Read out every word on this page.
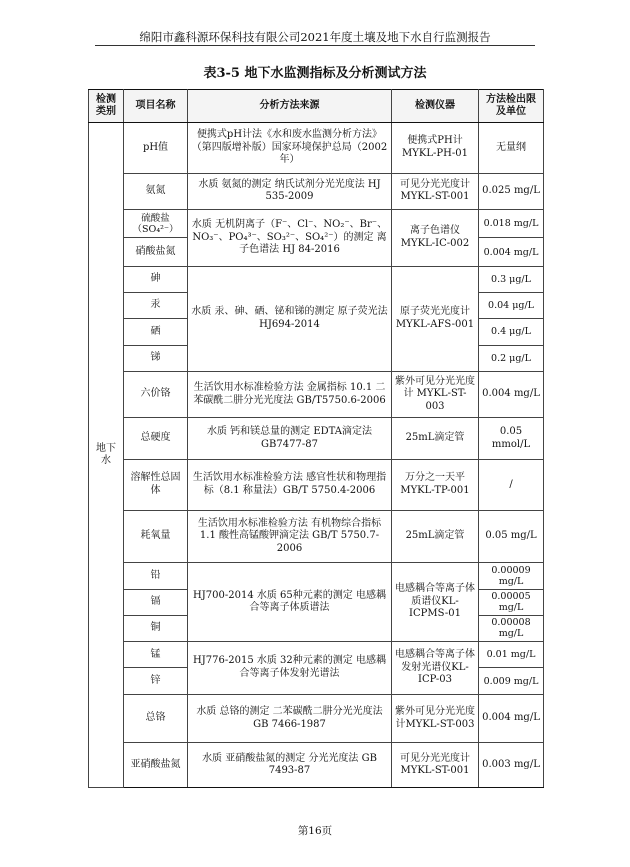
绵阳市鑫科源环保科技有限公司2021年度土壤及地下水自行监测报告
表3-5 地下水监测指标及分析测试方法
检测类别	项目名称	分析方法来源	检测仪器	方法检出限及单位
地下水	pH值	便携式pH计法《水和废水监测分析方法》（第四版增补版）国家环境保护总局（2002年）	便携式PH计MYKL-PH-01	无量纲
	氨氮	水质 氨氮的测定 纳氏试剂分光光度法 HJ 535-2009	可见分光光度计MYKL-ST-001	0.025 mg/L
	硫酸盐（SO₄²⁻）	水质 无机阴离子（F⁻、Cl⁻、NO₂⁻、Br⁻、NO₃⁻、PO₄³⁻、SO₃²⁻、SO₄²⁻）的测定 离子色谱法 HJ 84-2016	离子色谱仪MYKL-IC-002	0.018 mg/L
	硝酸盐氮			0.004 mg/L
	砷	水质 汞、砷、硒、铋和锑的测定 原子荧光法 HJ694-2014	原子荧光光度计MYKL-AFS-001	0.3 μg/L
	汞			0.04 μg/L
	硒			0.4 μg/L
	锑			0.2 μg/L
	六价铬	生活饮用水标准检验方法 金属指标 10.1 二苯碳酰二肼分光光度法 GB/T5750.6-2006	紫外可见分光光度计 MYKL-ST-003	0.004 mg/L
	总硬度	水质 钙和镁总量的测定 EDTA滴定法 GB7477-87	25mL滴定管	0.05 mmol/L
	溶解性总固体	生活饮用水标准检验方法 感官性状和物理指标（8.1 称量法）GB/T 5750.4-2006	万分之一天平MYKL-TP-001	/
	耗氧量	生活饮用水标准检验方法 有机物综合指标 1.1 酸性高锰酸钾滴定法 GB/T 5750.7-2006	25mL滴定管	0.05 mg/L
	铅	HJ700-2014 水质 65种元素的测定 电感耦合等离子体质谱法	电感耦合等离子体质谱仪KL-ICPMS-01	0.00009 mg/L
	镉			0.00005 mg/L
	铜			0.00008 mg/L
	锰	HJ776-2015 水质 32种元素的测定 电感耦合等离子体发射光谱法	电感耦合等离子体发射光谱仪KL-ICP-03	0.01 mg/L
	锌			0.009 mg/L
	总铬	水质 总铬的测定 二苯碳酰二肼分光光度法 GB 7466-1987	紫外可见分光光度计MYKL-ST-003	0.004 mg/L
	亚硝酸盐氮	水质 亚硝酸盐氮的测定 分光光度法 GB 7493-87	可见分光光度计MYKL-ST-001	0.003 mg/L
第16页
